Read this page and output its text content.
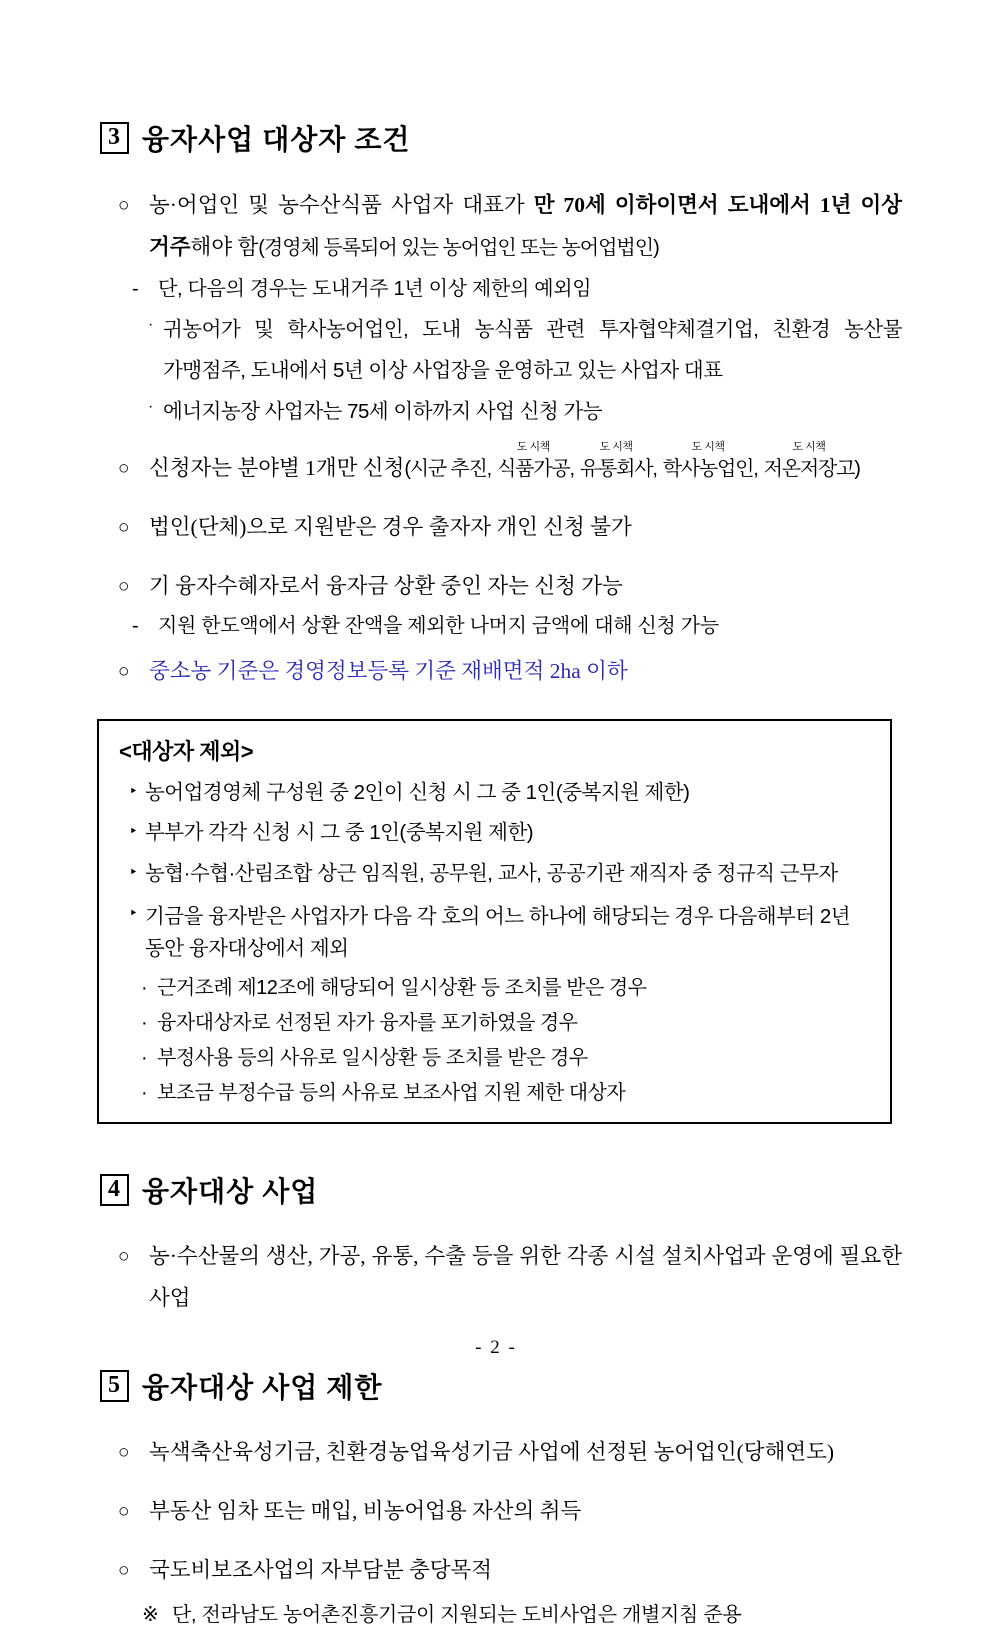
3 융자사업 대상자 조건
○ 농·어업인 및 농수산식품 사업자 대표가 만 70세 이하이면서 도내에서 1년 이상 거주해야 함(경영체 등록되어 있는 농어업인 또는 농어업법인)
- 단, 다음의 경우는 도내거주 1년 이상 제한의 예외임
· 귀농어가 및 학사농어업인, 도내 농식품 관련 투자협약체결기업, 친환경 농산물 가맹점주, 도내에서 5년 이상 사업장을 운영하고 있는 사업자 대표
· 에너지농장 사업자는 75세 이하까지 사업 신청 가능
○ 신청자는 분야별 1개만 신청(시군 추진,
도 시책
식품가공,
도 시책
유통회사,
도 시책
학사농업인,
도 시책
저온저장고)
○ 법인(단체)으로 지원받은 경우 출자자 개인 신청 불가
○ 기 융자수혜자로서 융자금 상환 중인 자는 신청 가능
- 지원 한도액에서 상환 잔액을 제외한 나머지 금액에 대해 신청 가능
○ 중소농 기준은 경영정보등록 기준 재배면적 2ha 이하
<대상자 제외>
‣ 농어업경영체 구성원 중 2인이 신청 시 그 중 1인(중복지원 제한)
‣ 부부가 각각 신청 시 그 중 1인(중복지원 제한)
‣ 농협·수협·산림조합 상근 임직원, 공무원, 교사, 공공기관 재직자 중 정규직 근무자
‣ 기금을 융자받은 사업자가 다음 각 호의 어느 하나에 해당되는 경우 다음해부터 2년 동안 융자대상에서 제외
· 근거조례 제12조에 해당되어 일시상환 등 조치를 받은 경우
· 융자대상자로 선정된 자가 융자를 포기하였을 경우
· 부정사용 등의 사유로 일시상환 등 조치를 받은 경우
· 보조금 부정수급 등의 사유로 보조사업 지원 제한 대상자
4 융자대상 사업
○ 농·수산물의 생산, 가공, 유통, 수출 등을 위한 각종 시설 설치사업과 운영에 필요한 사업
5 융자대상 사업 제한
○ 녹색축산육성기금, 친환경농업육성기금 사업에 선정된 농어업인(당해연도)
○ 부동산 임차 또는 매입, 비농어업용 자산의 취득
○ 국도비보조사업의 자부담분 충당목적
※ 단, 전라남도 농어촌진흥기금이 지원되는 도비사업은 개별지침 준용
- 2 -
